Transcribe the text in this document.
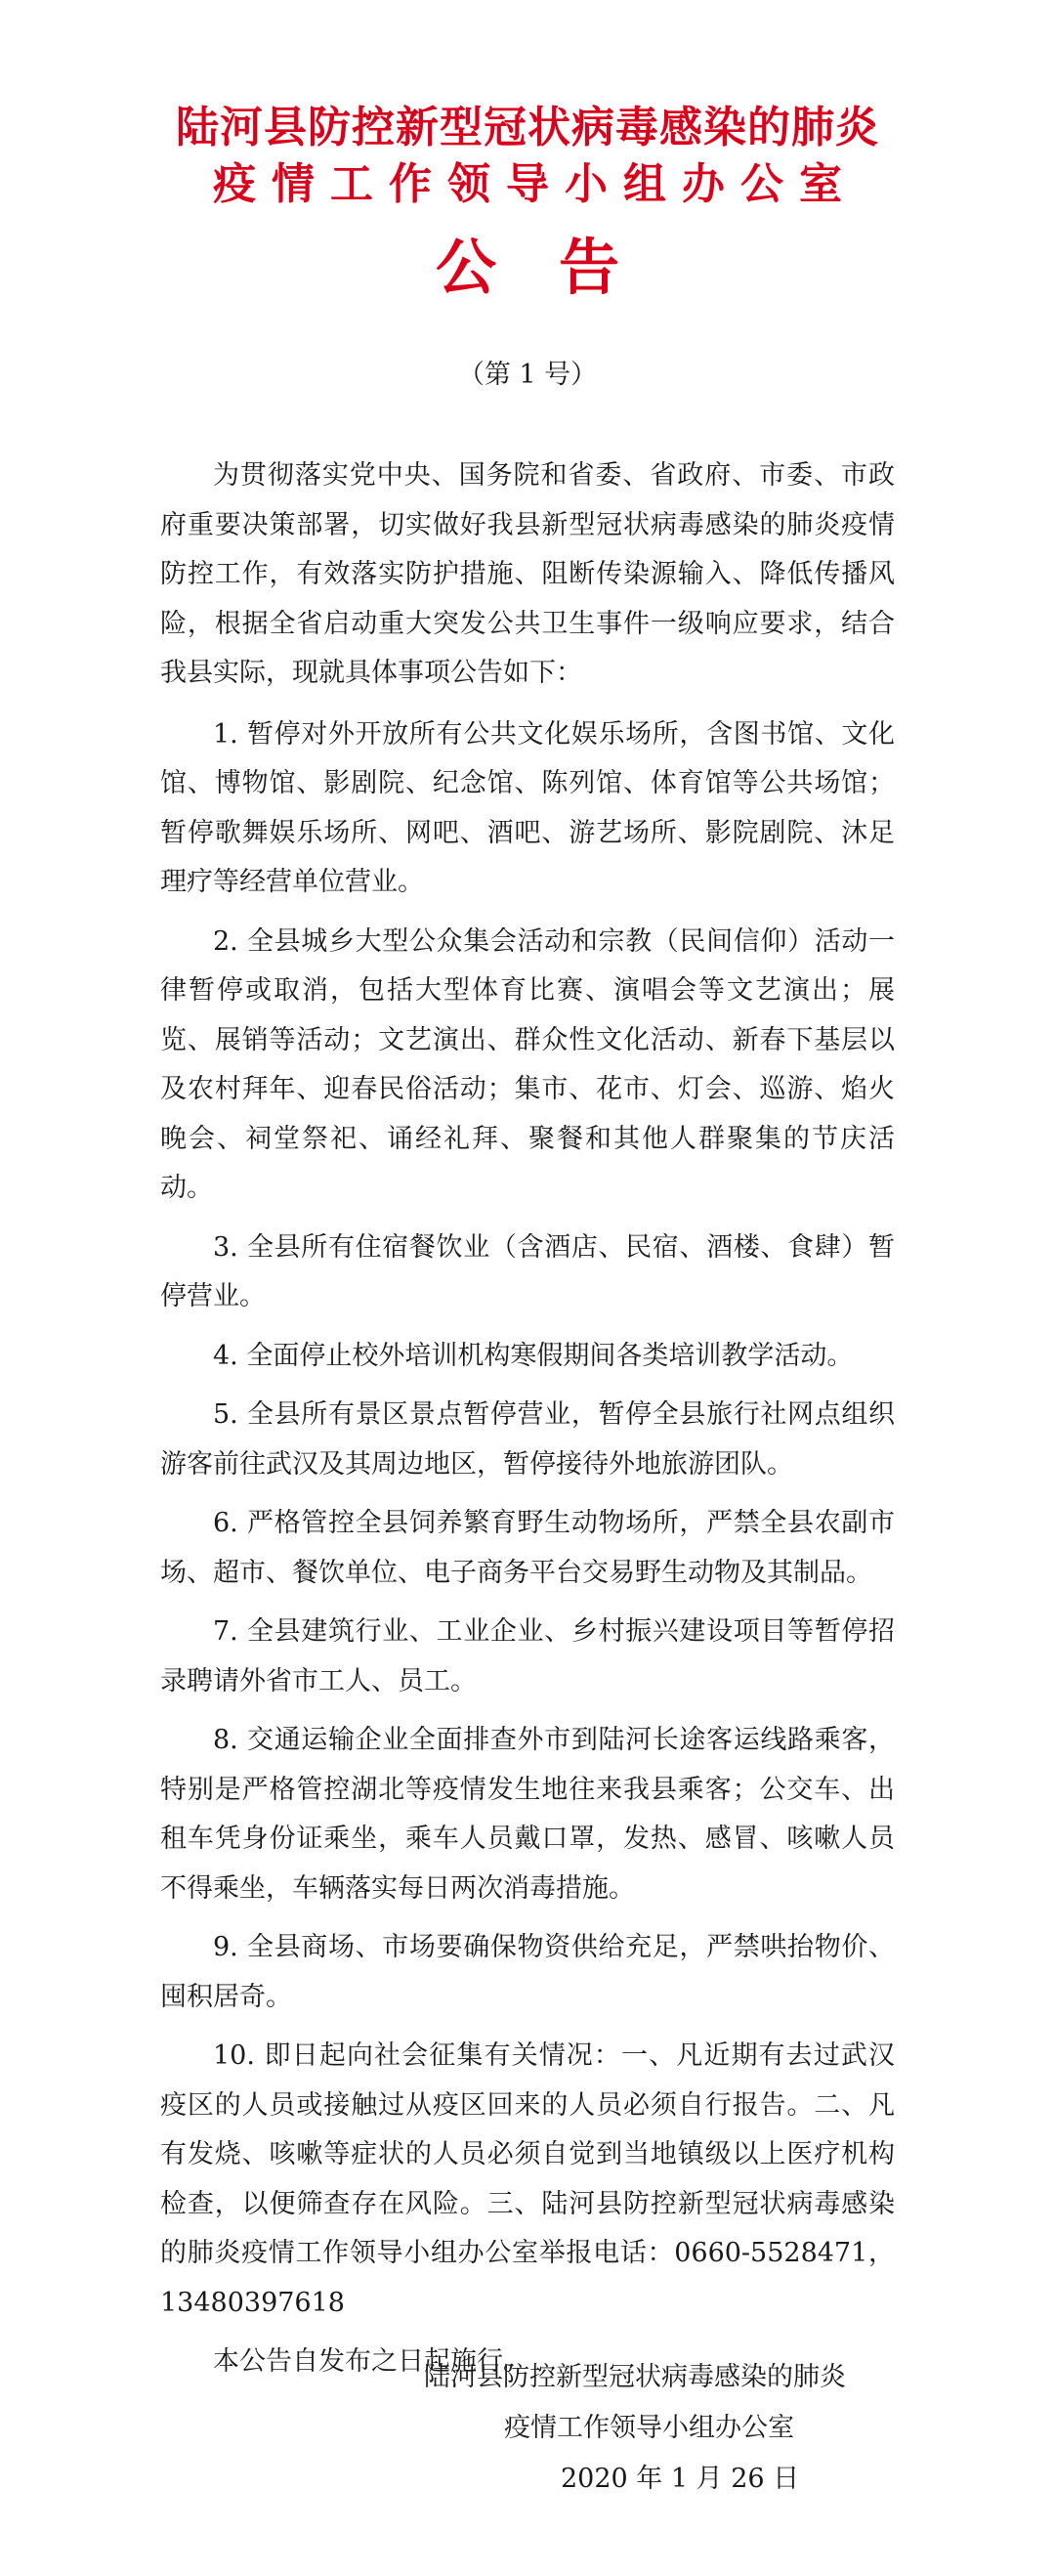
陆河县防控新型冠状病毒感染的肺炎
疫情工作领导小组办公室
公告
（第 1 号）

为贯彻落实党中央、国务院和省委、省政府、市委、市政府重要决策部署，切实做好我县新型冠状病毒感染的肺炎疫情防控工作，有效落实防护措施、阻断传染源输入、降低传播风险，根据全省启动重大突发公共卫生事件一级响应要求，结合我县实际，现就具体事项公告如下：

1. 暂停对外开放所有公共文化娱乐场所，含图书馆、文化馆、博物馆、影剧院、纪念馆、陈列馆、体育馆等公共场馆；暂停歌舞娱乐场所、网吧、酒吧、游艺场所、影院剧院、沐足理疗等经营单位营业。

2. 全县城乡大型公众集会活动和宗教（民间信仰）活动一律暂停或取消，包括大型体育比赛、演唱会等文艺演出；展览、展销等活动；文艺演出、群众性文化活动、新春下基层以及农村拜年、迎春民俗活动；集市、花市、灯会、巡游、焰火晚会、祠堂祭祀、诵经礼拜、聚餐和其他人群聚集的节庆活动。

3. 全县所有住宿餐饮业（含酒店、民宿、酒楼、食肆）暂停营业。

4. 全面停止校外培训机构寒假期间各类培训教学活动。

5. 全县所有景区景点暂停营业，暂停全县旅行社网点组织游客前往武汉及其周边地区，暂停接待外地旅游团队。

6. 严格管控全县饲养繁育野生动物场所，严禁全县农副市场、超市、餐饮单位、电子商务平台交易野生动物及其制品。

7. 全县建筑行业、工业企业、乡村振兴建设项目等暂停招录聘请外省市工人、员工。

8. 交通运输企业全面排查外市到陆河长途客运线路乘客，特别是严格管控湖北等疫情发生地往来我县乘客；公交车、出租车凭身份证乘坐，乘车人员戴口罩，发热、感冒、咳嗽人员不得乘坐，车辆落实每日两次消毒措施。

9. 全县商场、市场要确保物资供给充足，严禁哄抬物价、囤积居奇。

10. 即日起向社会征集有关情况：一、凡近期有去过武汉疫区的人员或接触过从疫区回来的人员必须自行报告。二、凡有发烧、咳嗽等症状的人员必须自觉到当地镇级以上医疗机构检查，以便筛查存在风险。三、陆河县防控新型冠状病毒感染的肺炎疫情工作领导小组办公室举报电话：0660-5528471，13480397618

本公告自发布之日起施行。

陆河县防控新型冠状病毒感染的肺炎
疫情工作领导小组办公室
2020 年 1 月 26 日
